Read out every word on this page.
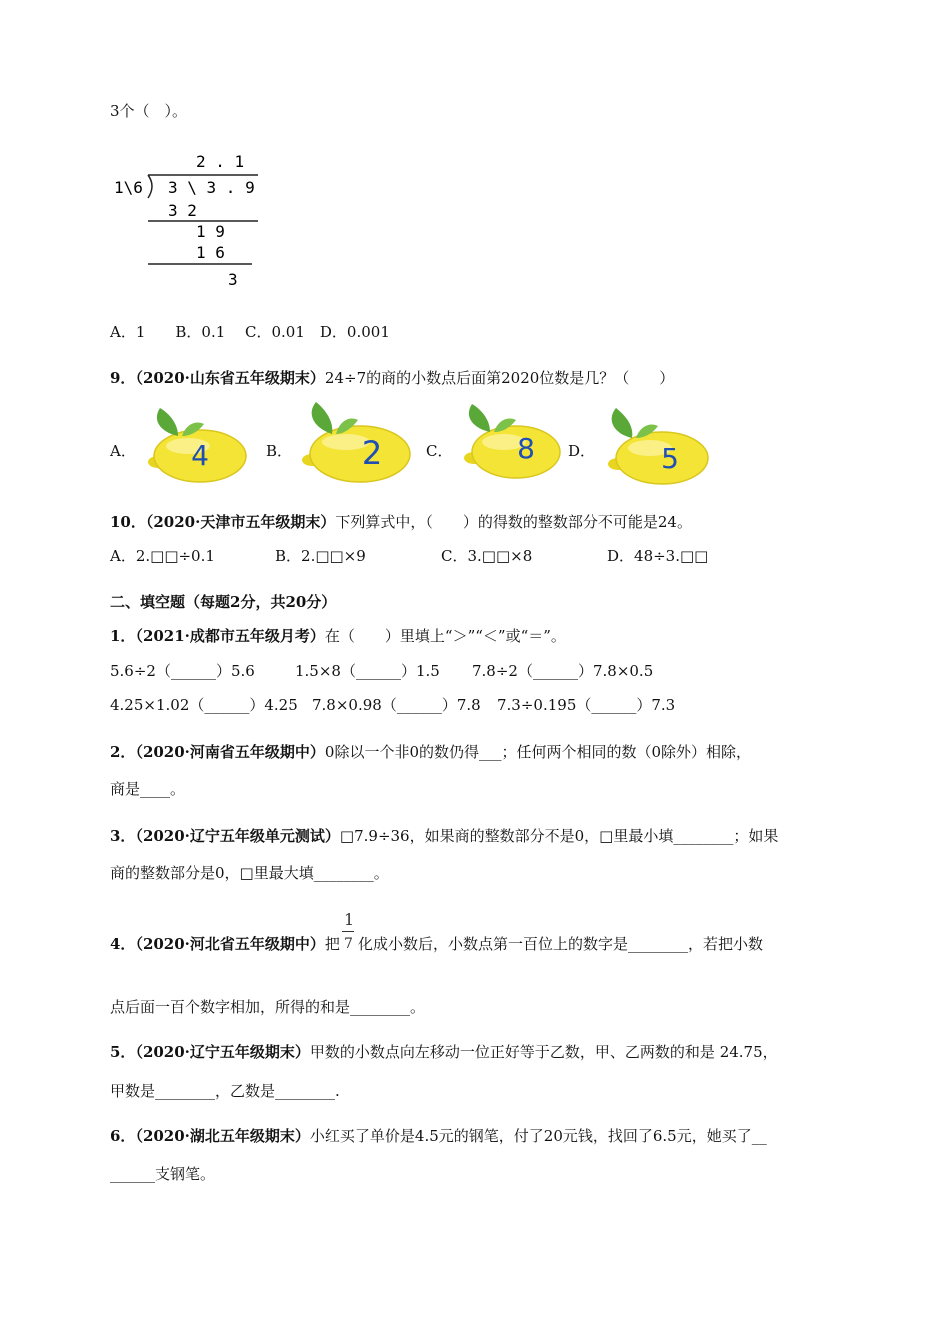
3个（　）。
2 . 1
1\6 3 \ 3 . 9
3 2
1 9
1 6
3
A．1　　B．0.1　 C．0.01　D．0.001
9．（2020·山东省五年级期末）24÷7的商的小数点后面第2020位数是几？（　　）
A． 4	B． 2	C． 8 D． 5
10．（2020·天津市五年级期末）下列算式中，（　　）的得数的整数部分不可能是24。
A．2.□□÷0.1	B．2.□□×9	C．3.□□×8	D．48÷3.□□
二、填空题（每题2分，共20分）
1．（2021·成都市五年级月考）在（　　）里填上“＞”“＜”或“＝”。
5.6÷2（______）5.6	1.5×8（______）1.5 7.8÷2（______）7.8×0.5
4.25×1.02（______）4.25 7.8×0.98（______）7.8 7.3÷0.195（______）7.3
2．（2020·河南省五年级期中）0除以一个非0的数仍得___；任何两个相同的数（0除外）相除，
商是____。
3．（2020·辽宁五年级单元测试）□7.9÷36，如果商的整数部分不是0，□里最小填________；如果
商的整数部分是0，□里最大填________。
4．（2020·河北省五年级期中）把 $\frac{1}{7}$ 化成小数后，小数点第一百位上的数字是________，若把小数
点后面一百个数字相加，所得的和是________。
5．（2020·辽宁五年级期末）甲数的小数点向左移动一位正好等于乙数，甲、乙两数的和是 24.75，
甲数是________，乙数是________.
6．（2020·湖北五年级期末）小红买了单价是4.5元的钢笔，付了20元钱，找回了6.5元，她买了__
______支钢笔。
